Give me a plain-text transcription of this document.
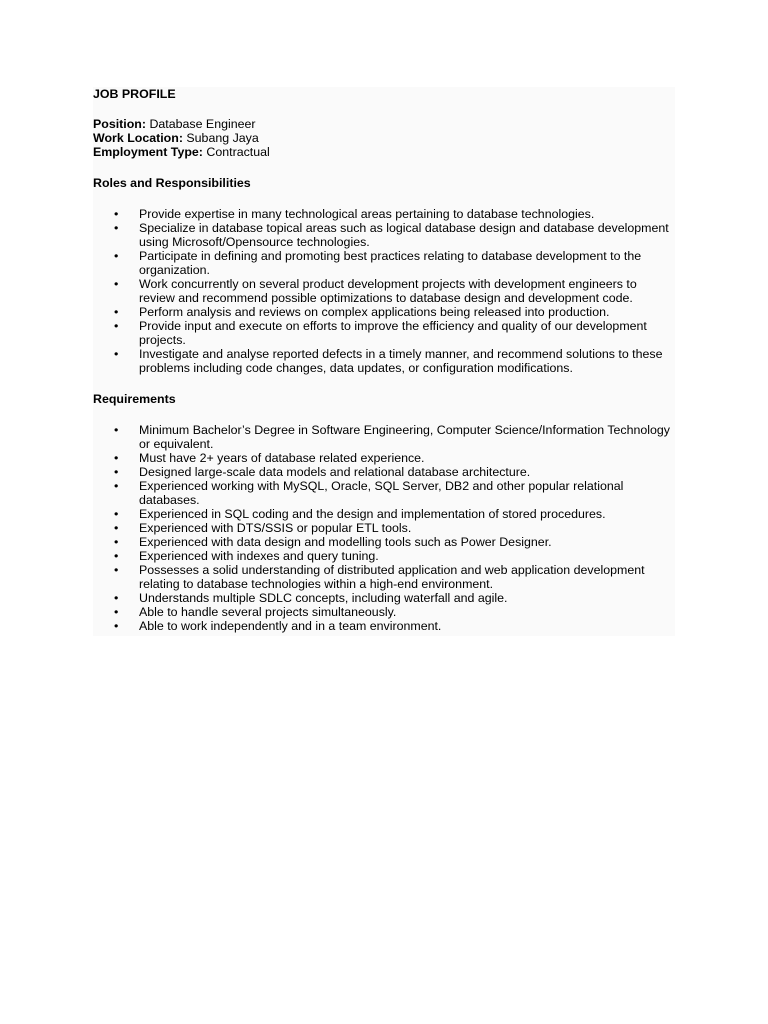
JOB PROFILE

Position: Database Engineer

Work Location: Subang Jaya

Employment Type: Contractual

Roles and Responsibilities

• Provide expertise in many technological areas pertaining to database technologies.
• Specialize in database topical areas such as logical database design and database development using Microsoft/Opensource technologies.
• Participate in defining and promoting best practices relating to database development to the organization.
• Work concurrently on several product development projects with development engineers to review and recommend possible optimizations to database design and development code.
• Perform analysis and reviews on complex applications being released into production.
• Provide input and execute on efforts to improve the efficiency and quality of our development projects.
• Investigate and analyse reported defects in a timely manner, and recommend solutions to these problems including code changes, data updates, or configuration modifications.

Requirements

• Minimum Bachelor’s Degree in Software Engineering, Computer Science/Information Technology or equivalent.
• Must have 2+ years of database related experience.
• Designed large-scale data models and relational database architecture.
• Experienced working with MySQL, Oracle, SQL Server, DB2 and other popular relational databases.
• Experienced in SQL coding and the design and implementation of stored procedures.
• Experienced with DTS/SSIS or popular ETL tools.
• Experienced with data design and modelling tools such as Power Designer.
• Experienced with indexes and query tuning.
• Possesses a solid understanding of distributed application and web application development relating to database technologies within a high-end environment.
• Understands multiple SDLC concepts, including waterfall and agile.
• Able to handle several projects simultaneously.
• Able to work independently and in a team environment.
